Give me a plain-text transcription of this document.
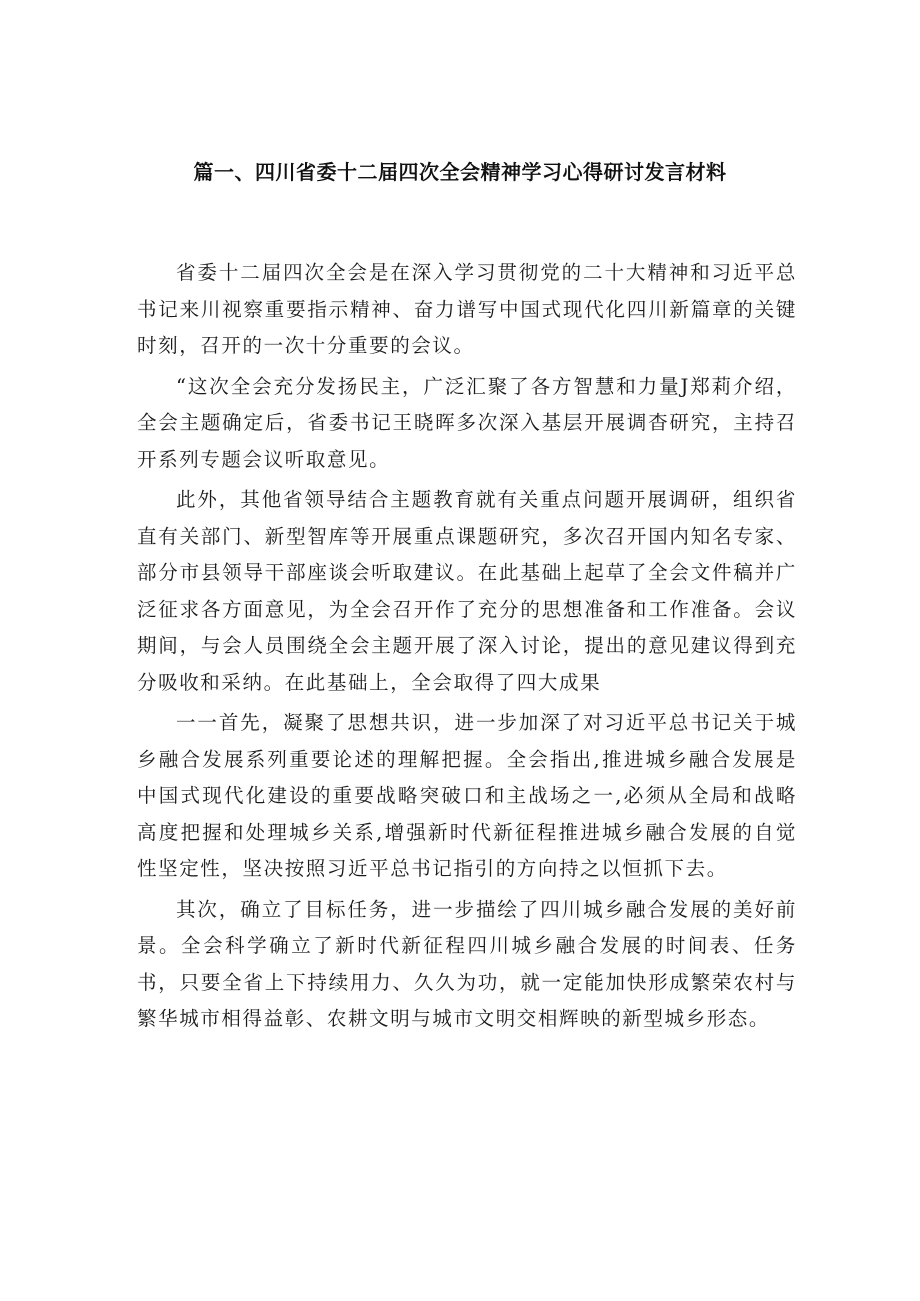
篇一、四川省委十二届四次全会精神学习心得研讨发言材料

省委十二届四次全会是在深入学习贯彻党的二十大精神和习近平总书记来川视察重要指示精神、奋力谱写中国式现代化四川新篇章的关键时刻，召开的一次十分重要的会议。

“这次全会充分发扬民主，广泛汇聚了各方智慧和力量J郑莉介绍，全会主题确定后，省委书记王晓晖多次深入基层开展调杳研究，主持召开系列专题会议听取意见。

此外，其他省领导结合主题教育就有关重点问题开展调研，组织省直有关部门、新型智库等开展重点课题研究，多次召开国内知名专家、部分市县领导干部座谈会听取建议。在此基础上起草了全会文件稿并广泛征求各方面意见，为全会召开作了充分的思想准备和工作准备。会议期间，与会人员围绕全会主题开展了深入讨论，提出的意见建议得到充分吸收和采纳。在此基础上，全会取得了四大成果

一一首先，凝聚了思想共识，进一步加深了对习近平总书记关于城乡融合发展系列重要论述的理解把握。全会指出,推进城乡融合发展是中国式现代化建设的重要战略突破口和主战场之一,必须从全局和战略高度把握和处理城乡关系,增强新时代新征程推进城乡融合发展的自觉性坚定性，坚决按照习近平总书记指引的方向持之以恒抓下去。

其次，确立了目标任务，进一步描绘了四川城乡融合发展的美好前景。全会科学确立了新时代新征程四川城乡融合发展的时间表、任务书，只要全省上下持续用力、久久为功，就一定能加快形成繁荣农村与繁华城市相得益彰、农耕文明与城市文明交相辉映的新型城乡形态。
